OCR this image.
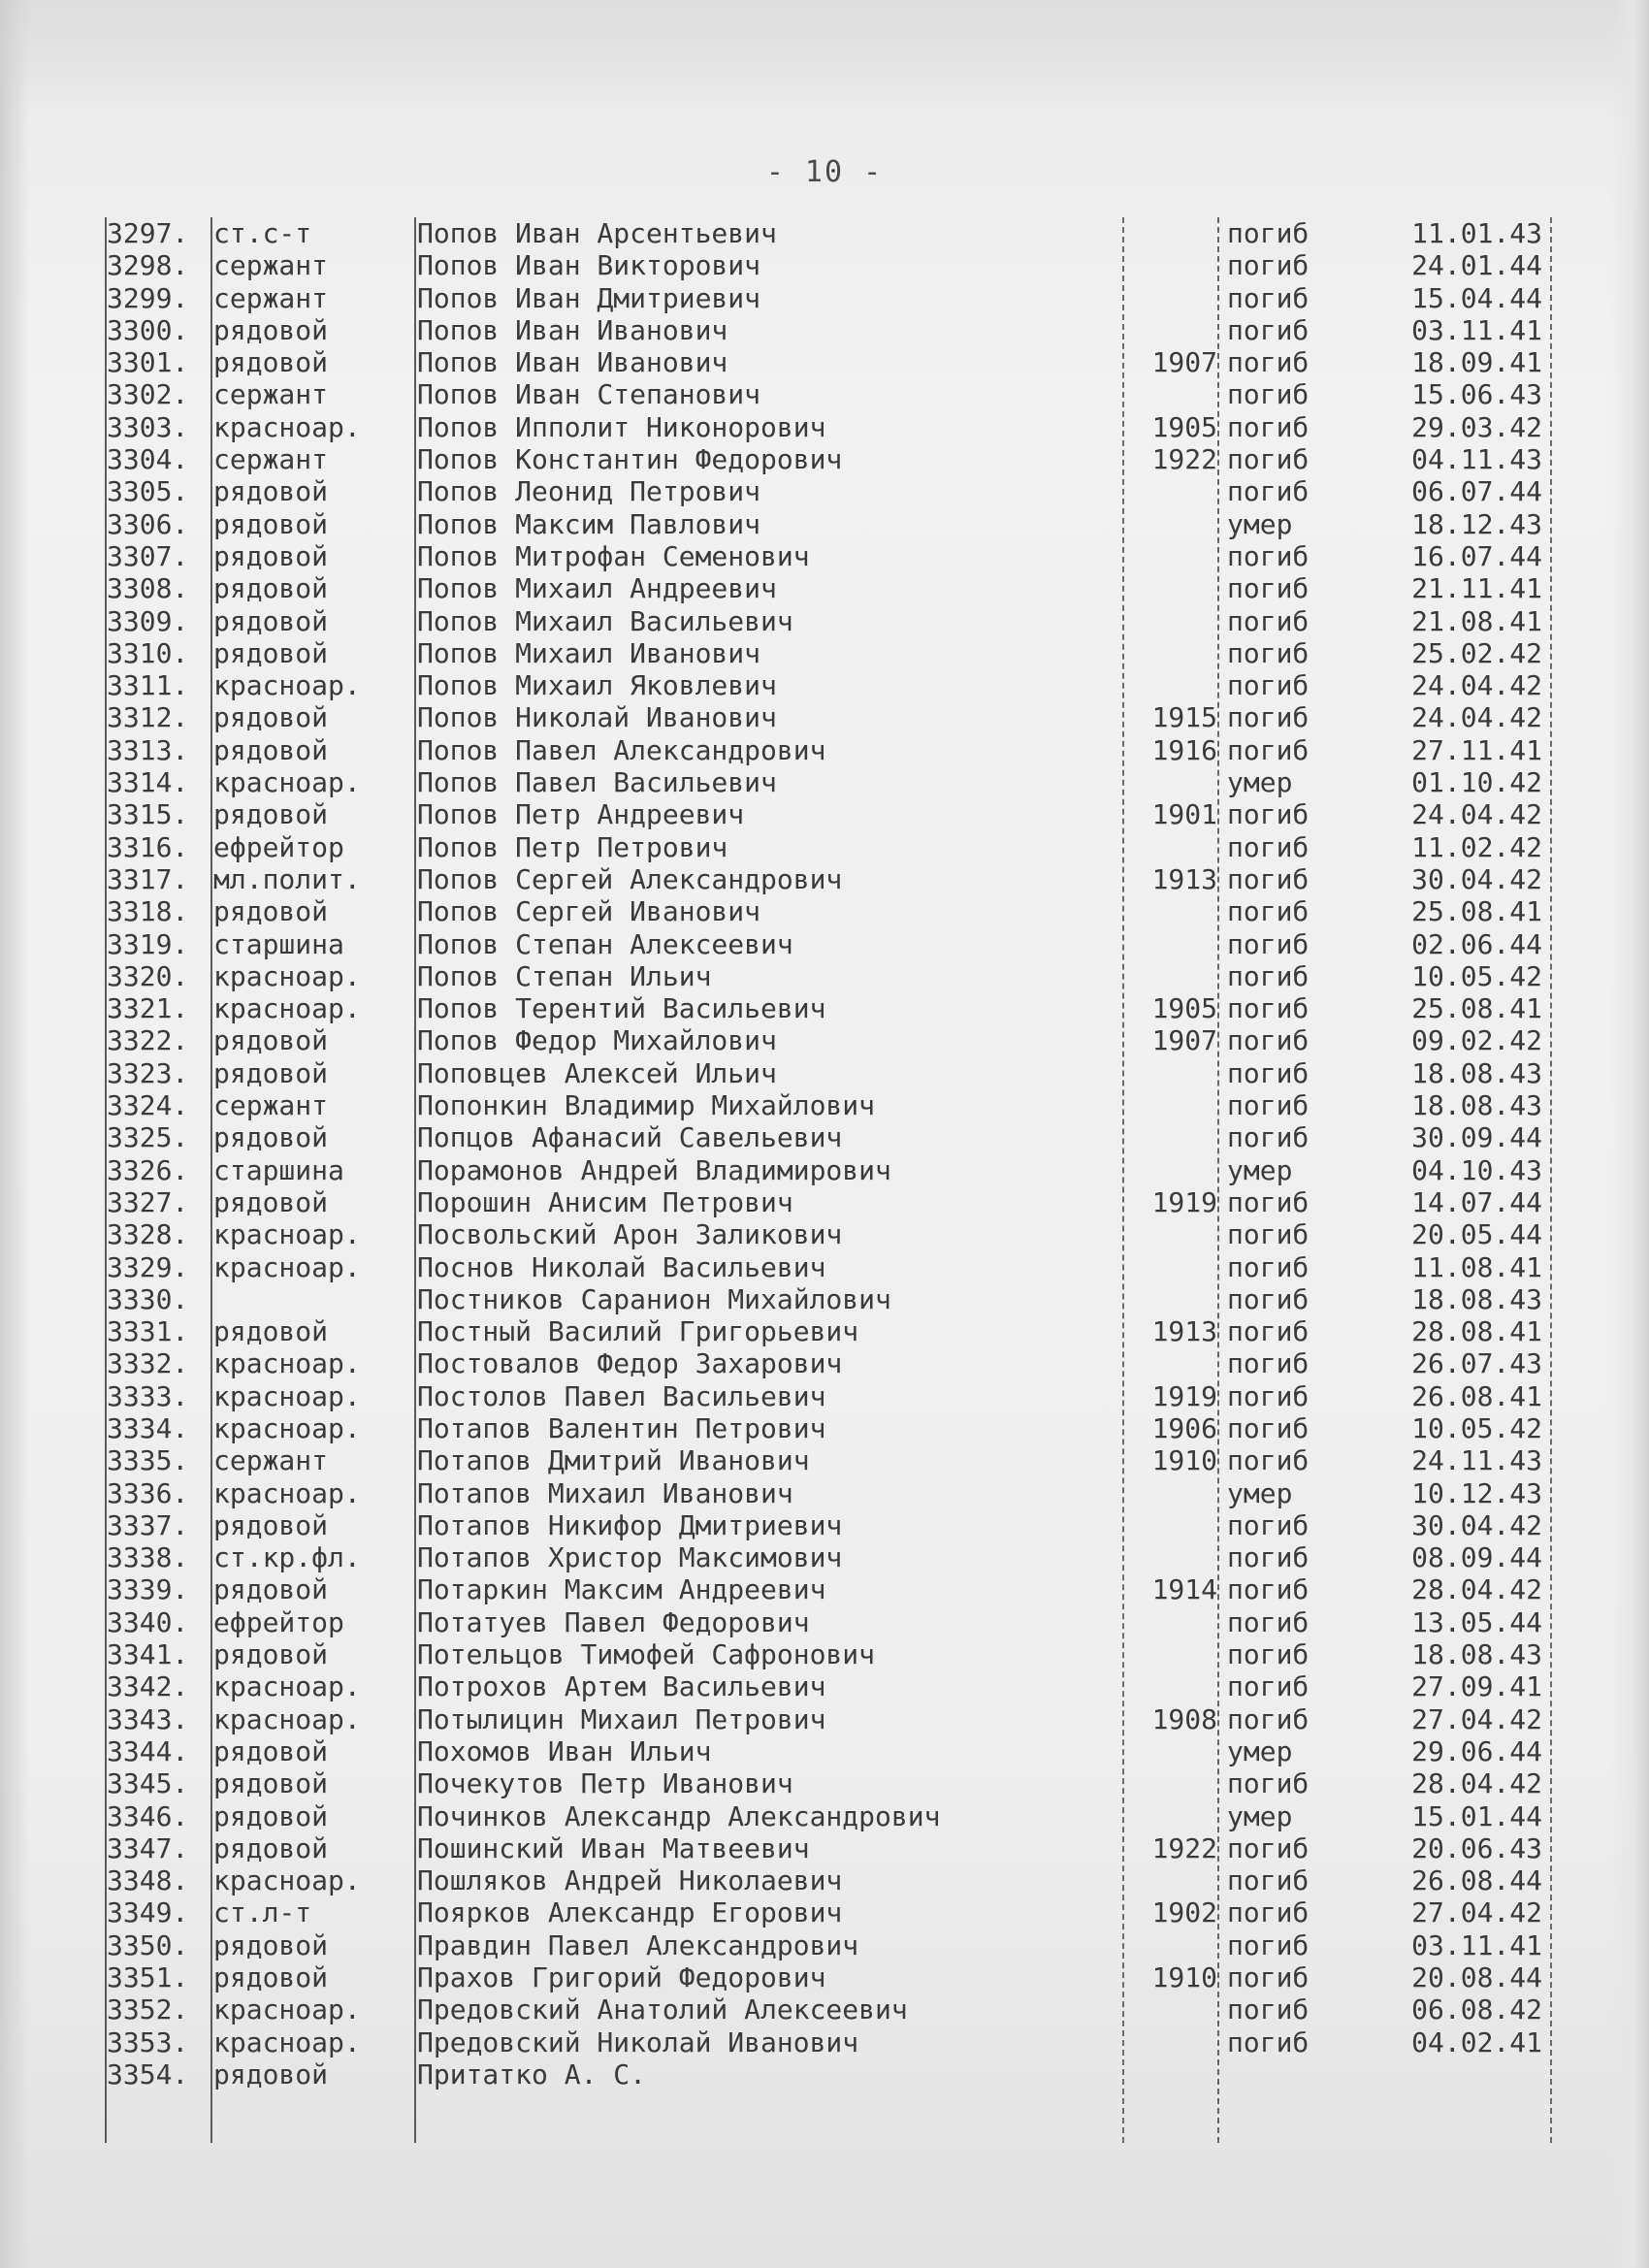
- 10 -
3297. ст.с-т	Попов Иван Арсентьевич	погиб	11.01.43
3298. сержант	Попов Иван Викторович	погиб	24.01.44
3299. сержант	Попов Иван Дмитриевич	погиб	15.04.44
3300. рядовой	Попов Иван Иванович	погиб	03.11.41
3301. рядовой	Попов Иван Иванович	1907 погиб	18.09.41
3302. сержант	Попов Иван Степанович	погиб	15.06.43
3303. красноар. Попов Ипполит Никонорович	1905 погиб	29.03.42
3304. сержант	Попов Константин Федорович	1922 погиб	04.11.43
3305. рядовой	Попов Леонид Петрович	погиб	06.07.44
3306. рядовой	Попов Максим Павлович	умер	18.12.43
3307. рядовой	Попов Митрофан Семенович	погиб	16.07.44
3308. рядовой	Попов Михаил Андреевич	погиб	21.11.41
3309. рядовой	Попов Михаил Васильевич	погиб	21.08.41
3310. рядовой	Попов Михаил Иванович	погиб	25.02.42
3311. красноар. Попов Михаил Яковлевич	погиб	24.04.42
3312. рядовой	Попов Николай Иванович	1915 погиб	24.04.42
3313. рядовой	Попов Павел Александрович	1916 погиб	27.11.41
3314. красноар. Попов Павел Васильевич	умер	01.10.42
3315. рядовой	Попов Петр Андреевич	1901 погиб	24.04.42
3316. ефрейтор	Попов Петр Петрович	погиб	11.02.42
3317. мл.полит. Попов Сергей Александрович	1913 погиб	30.04.42
3318. рядовой	Попов Сергей Иванович	погиб	25.08.41
3319. старшина	Попов Степан Алексеевич	погиб	02.06.44
3320. красноар. Попов Степан Ильич	погиб	10.05.42
3321. красноар. Попов Терентий Васильевич	1905 погиб	25.08.41
3322. рядовой	Попов Федор Михайлович	1907 погиб	09.02.42
3323. рядовой	Поповцев Алексей Ильич	погиб	18.08.43
3324. сержант	Попонкин Владимир Михайлович	погиб	18.08.43
3325. рядовой	Попцов Афанасий Савельевич	погиб	30.09.44
3326. старшина	Порамонов Андрей Владимирович	умер	04.10.43
3327. рядовой	Порошин Анисим Петрович	1919 погиб	14.07.44
3328. красноар. Посвольский Арон Заликович	погиб	20.05.44
3329. красноар. Поснов Николай Васильевич	погиб	11.08.41
3330.	Постников Саранион Михайлович	погиб	18.08.43
3331. рядовой	Постный Василий Григорьевич	1913 погиб	28.08.41
3332. красноар. Постовалов Федор Захарович	погиб	26.07.43
3333. красноар. Постолов Павел Васильевич	1919 погиб	26.08.41
3334. красноар. Потапов Валентин Петрович	1906 погиб	10.05.42
3335. сержант	Потапов Дмитрий Иванович	1910 погиб	24.11.43
3336. красноар. Потапов Михаил Иванович	умер	10.12.43
3337. рядовой	Потапов Никифор Дмитриевич	погиб	30.04.42
3338. ст.кр.фл. Потапов Христор Максимович	погиб	08.09.44
3339. рядовой	Потаркин Максим Андреевич	1914 погиб	28.04.42
3340. ефрейтор	Потатуев Павел Федорович	погиб	13.05.44
3341. рядовой	Потельцов Тимофей Сафронович	погиб	18.08.43
3342. красноар. Потрохов Артем Васильевич	погиб	27.09.41
3343. красноар. Потылицин Михаил Петрович	1908 погиб	27.04.42
3344. рядовой	Похомов Иван Ильич	умер	29.06.44
3345. рядовой	Почекутов Петр Иванович	погиб	28.04.42
3346. рядовой	Починков Александр Александрович	умер	15.01.44
3347. рядовой	Пошинский Иван Матвеевич	1922 погиб	20.06.43
3348. красноар. Пошляков Андрей Николаевич	погиб	26.08.44
3349. ст.л-т	Поярков Александр Егорович	1902 погиб	27.04.42
3350. рядовой	Правдин Павел Александрович	погиб	03.11.41
3351. рядовой	Прахов Григорий Федорович	1910 погиб	20.08.44
3352. красноар. Предовский Анатолий Алексеевич	погиб	06.08.42
3353. красноар. Предовский Николай Иванович	погиб	04.02.41
3354. рядовой	Притатко А. С.
